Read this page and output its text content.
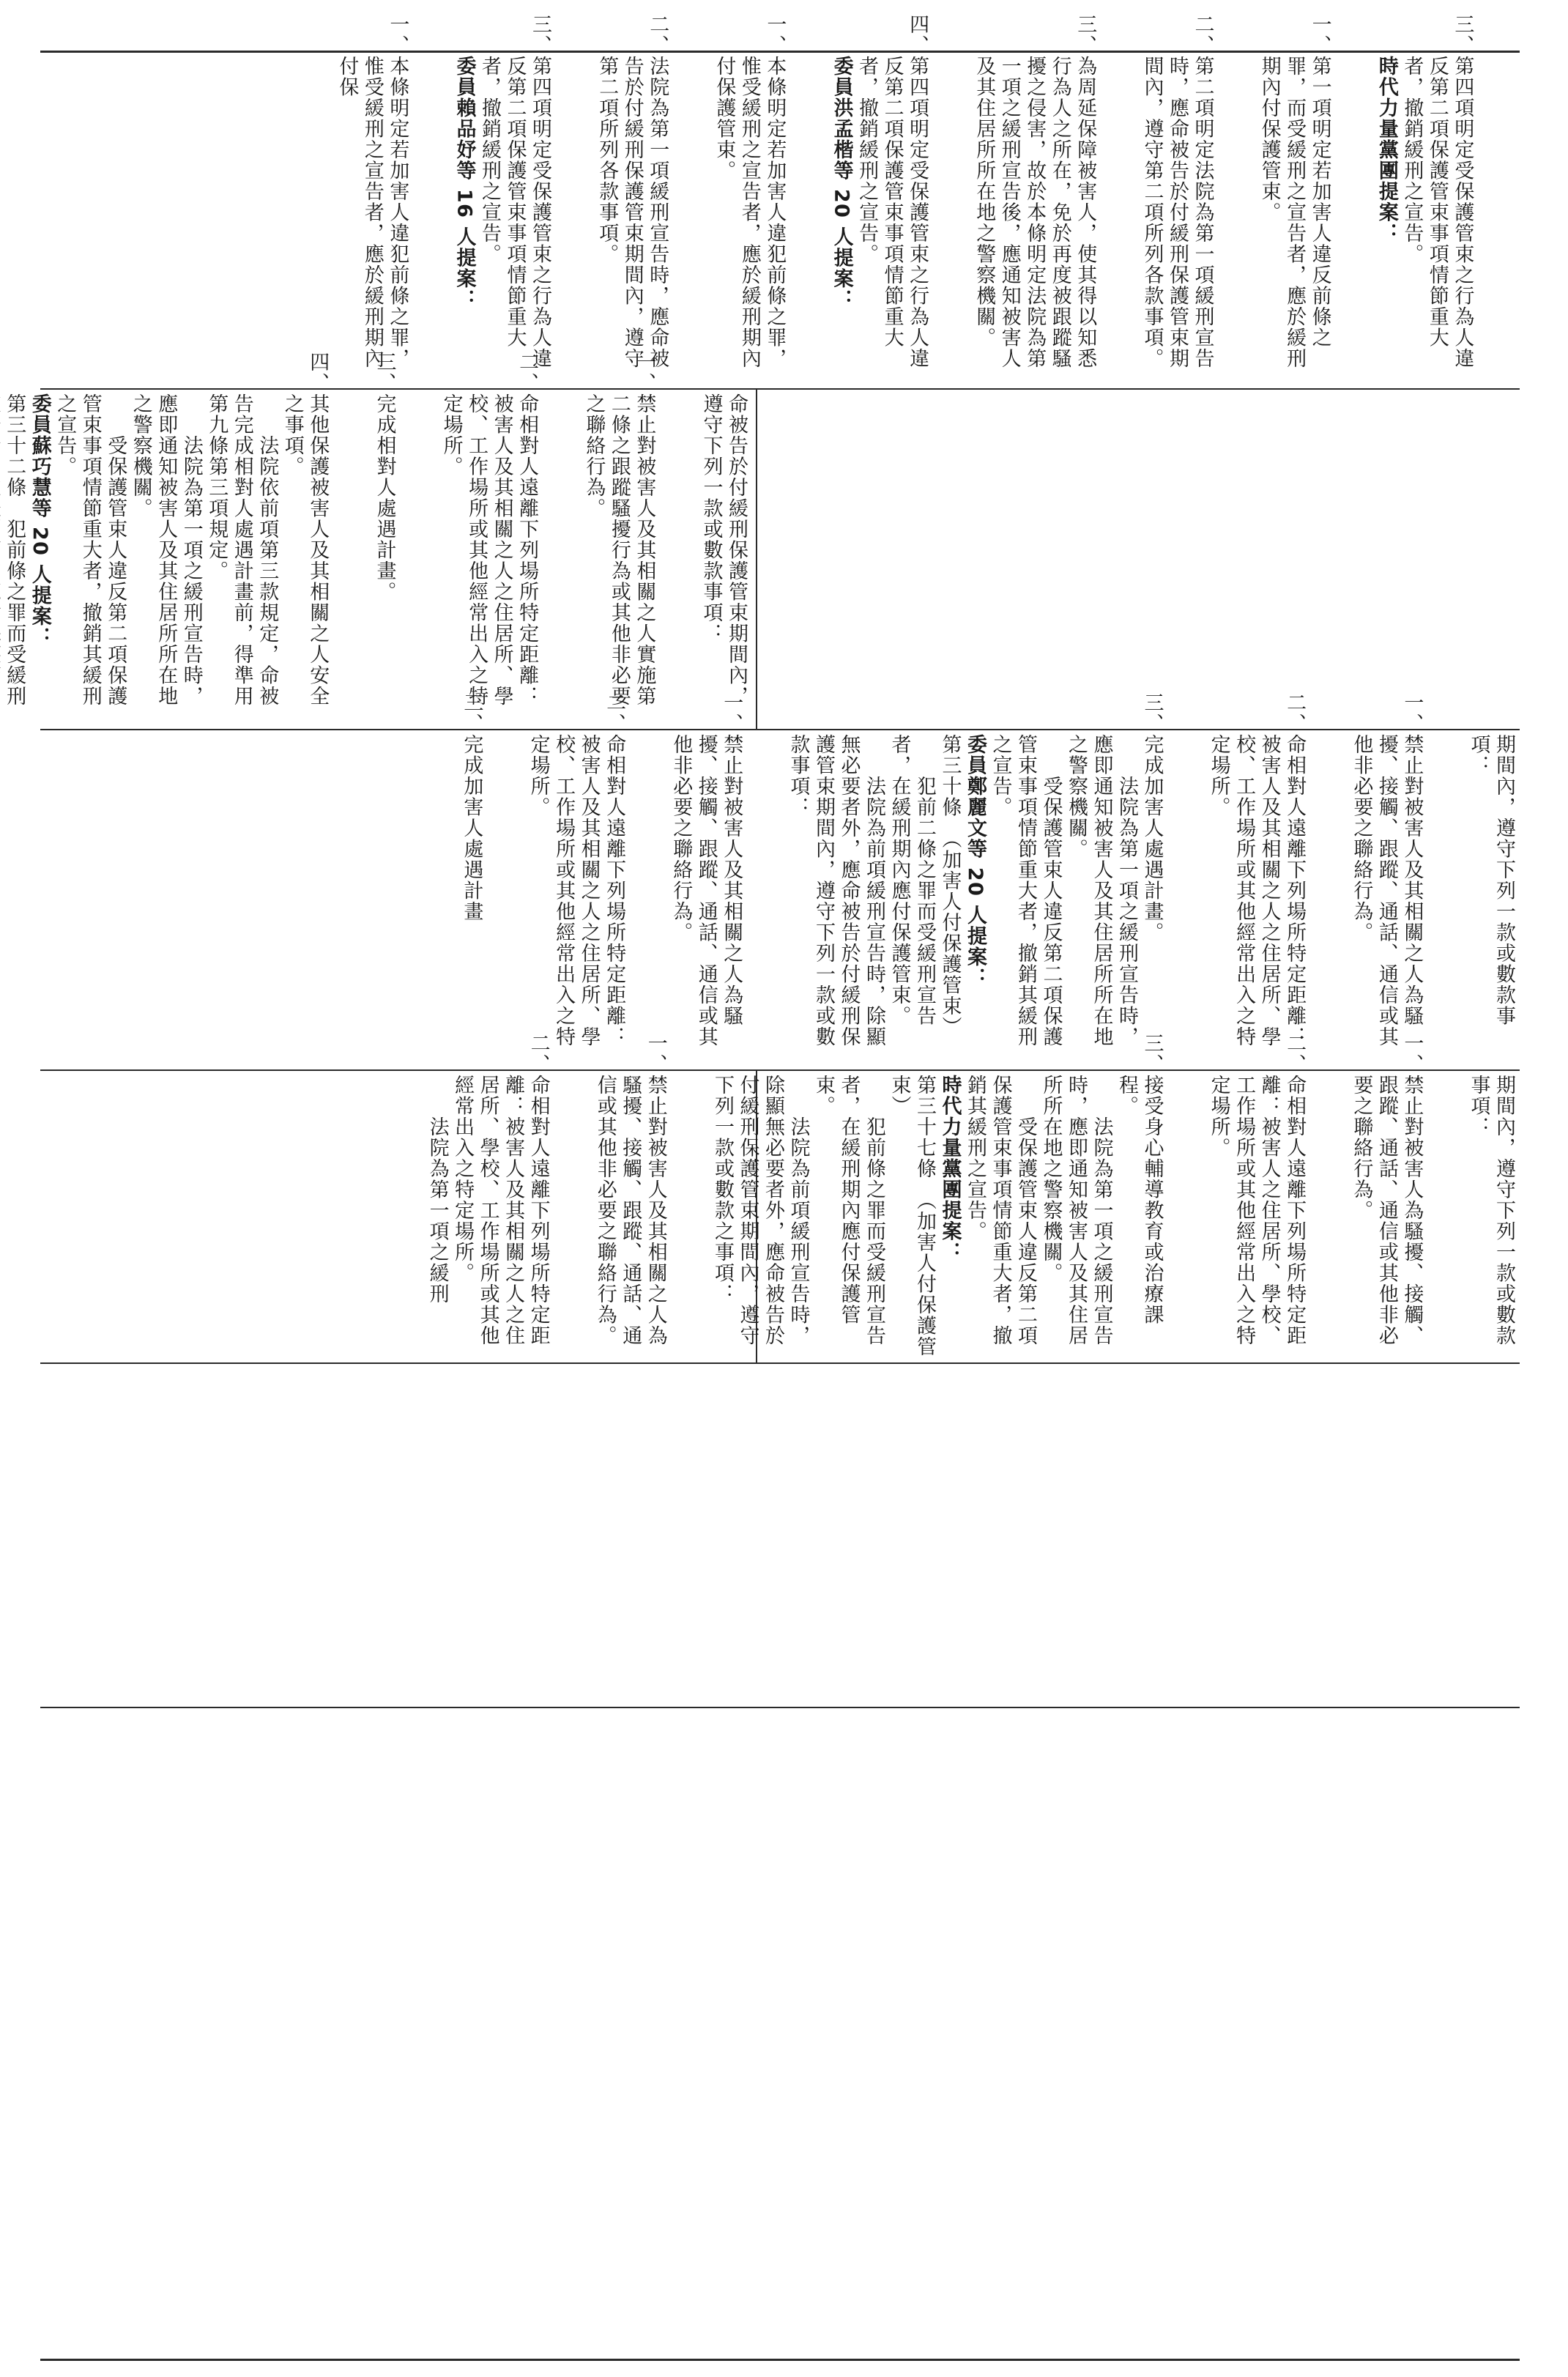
三、第四項明定受保護管束之行為人違反第二項保護管束事項情節重大者，撤銷緩刑之宣告。

時代力量黨團提案：

一、第一項明定若加害人違反前條之罪，而受緩刑之宣告者，應於緩刑期內付保護管束。

二、第二項明定法院為第一項緩刑宣告時，應命被告於付緩刑保護管束期間內，遵守第二項所列各款事項。

三、為周延保障被害人，使其得以知悉行為人之所在，免於再度被跟蹤騷擾之侵害，故於本條明定法院為第一項之緩刑宣告後，應通知被害人及其住居所所在地之警察機關。

四、第四項明定受保護管束之行為人違反第二項保護管束事項情節重大者，撤銷緩刑之宣告。

委員洪孟楷等 20 人提案：

一、本條明定若加害人違犯前條之罪，惟受緩刑之宣告者，應於緩刑期內付保護管束。

二、法院為第一項緩刑宣告時，應命被告於付緩刑保護管束期間內，遵守第二項所列各款事項。

三、第四項明定受保護管束之行為人違反第二項保護管束事項情節重大者，撤銷緩刑之宣告。

委員賴品妤等 16 人提案：

一、本條明定若加害人違犯前條之罪，惟受緩刑之宣告者，應於緩刑期內付保

命被告於付緩刑保護管束期間內，遵守下列一款或數款事項：

一、禁止對被害人及其相關之人實施第二條之跟蹤騷擾行為或其他非必要之聯絡行為。

二、命相對人遠離下列場所特定距離：被害人及其相關之人之住居所、學校、工作場所或其他經常出入之特定場所。

三、完成相對人處遇計畫。

四、其他保護被害人及其相關之人安全之事項。

法院依前項第三款規定，命被告完成相對人處遇計畫前，得準用第九條第三項規定。

法院為第一項之緩刑宣告時，應即通知被害人及其住居所所在地之警察機關。

受保護管束人違反第二項保護管束事項情節重大者，撤銷其緩刑之宣告。

委員蘇巧慧等 20 人提案：

第三十二條　犯前條之罪而受緩刑

期間內，遵守下列一款或數款事項：

一、禁止對被害人及其相關之人為騷擾、接觸、跟蹤、通話、通信或其他非必要之聯絡行為。

二、命相對人遠離下列場所特定距離：被害人及其相關之人之住居所、學校、工作場所或其他經常出入之特定場所。

三、完成加害人處遇計畫。

法院為第一項之緩刑宣告時，應即通知被害人及其住居所所在地之警察機關。

受保護管束人違反第二項保護管束事項情節重大者，撤銷其緩刑之宣告。

委員鄭麗文等 20 人提案：

第三十條　（加害人付保護管束）

犯前二條之罪而受緩刑宣告者，在緩刑期內應付保護管束。

法院為前項緩刑宣告時，除顯無必要者外，應命被告於付緩刑保護管束期間內，遵守下列一款或數款事項：

一、禁止對被害人及其相關之人為騷擾、接觸、跟蹤、通話、通信或其他非必要之聯絡行為。

二、命相對人遠離下列場所特定距離：被害人及其相關之人之住居所、學校、工作場所或其他經常出入之特定場所。

三、完成加害人處遇計畫

期間內，遵守下列一款或數款事項：

一、禁止對被害人為騷擾、接觸、跟蹤、通話、通信或其他非必要之聯絡行為。

二、命相對人遠離下列場所特定距離：被害人之住居所、學校、工作場所或其他經常出入之特定場所。

三、接受身心輔導教育或治療課程。

法院為第一項之緩刑宣告時，應即通知被害人及其住居所所在地之警察機關。

受保護管束人違反第二項保護管束事項情節重大者，撤銷其緩刑之宣告。

時代力量黨團提案：

第三十七條　（加害人付保護管束）

犯前條之罪而受緩刑宣告者，在緩刑期內應付保護管束。

法院為前項緩刑宣告時，除顯無必要者外，應命被告於付緩刑保護管束期間內，遵守下列一款或數款之事項：

一、禁止對被害人及其相關之人為騷擾、接觸、跟蹤、通話、通信或其他非必要之聯絡行為。

二、命相對人遠離下列場所特定距離：被害人及其相關之人之住居所、學校、工作場所或其他經常出入之特定場所。

法院為第一項之緩刑
